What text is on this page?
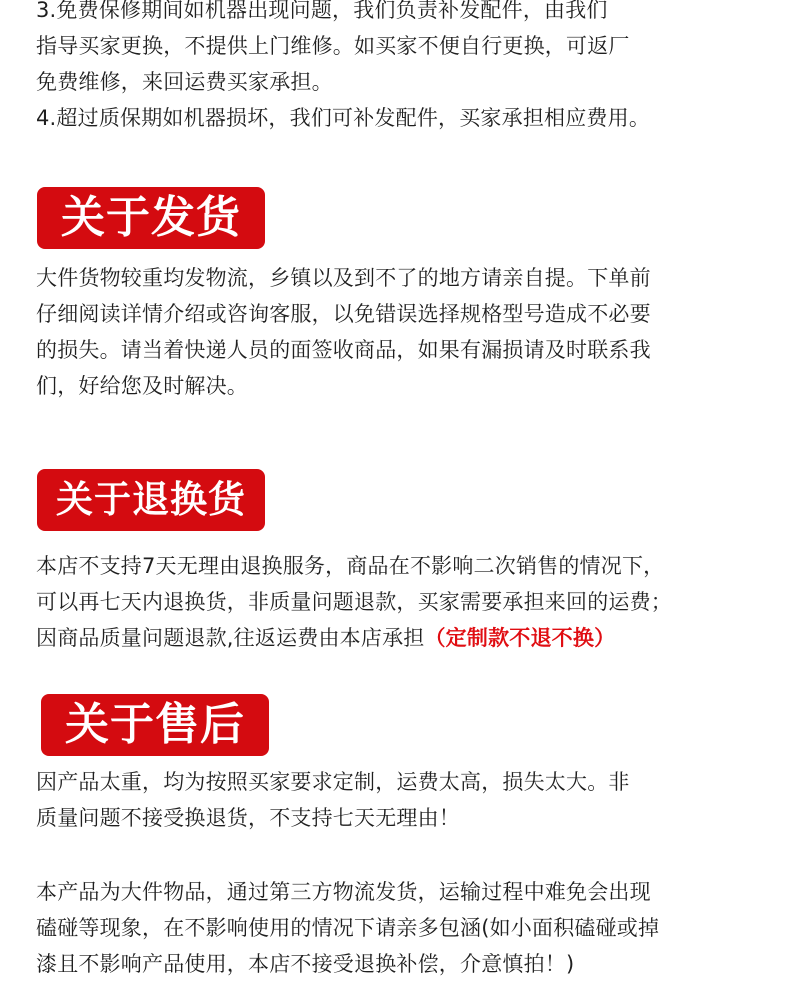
3.免费保修期间如机器出现问题，我们负责补发配件，由我们
指导买家更换，不提供上门维修。如买家不便自行更换，可返厂
免费维修，来回运费买家承担。
4.超过质保期如机器损坏，我们可补发配件，买家承担相应费用。
关于发货
大件货物较重均发物流，乡镇以及到不了的地方请亲自提。下单前
仔细阅读详情介绍或咨询客服，以免错误选择规格型号造成不必要
的损失。请当着快递人员的面签收商品，如果有漏损请及时联系我
们，好给您及时解决。
关于退换货
本店不支持7天无理由退换服务，商品在不影响二次销售的情况下，
可以再七天内退换货，非质量问题退款，买家需要承担来回的运费；
因商品质量问题退款,往返运费由本店承担（定制款不退不换）
关于售后
因产品太重，均为按照买家要求定制，运费太高，损失太大。非
质量问题不接受换退货，不支持七天无理由！
本产品为大件物品，通过第三方物流发货，运输过程中难免会出现
磕碰等现象，在不影响使用的情况下请亲多包涵(如小面积磕碰或掉
漆且不影响产品使用，本店不接受退换补偿，介意慎拍！)
